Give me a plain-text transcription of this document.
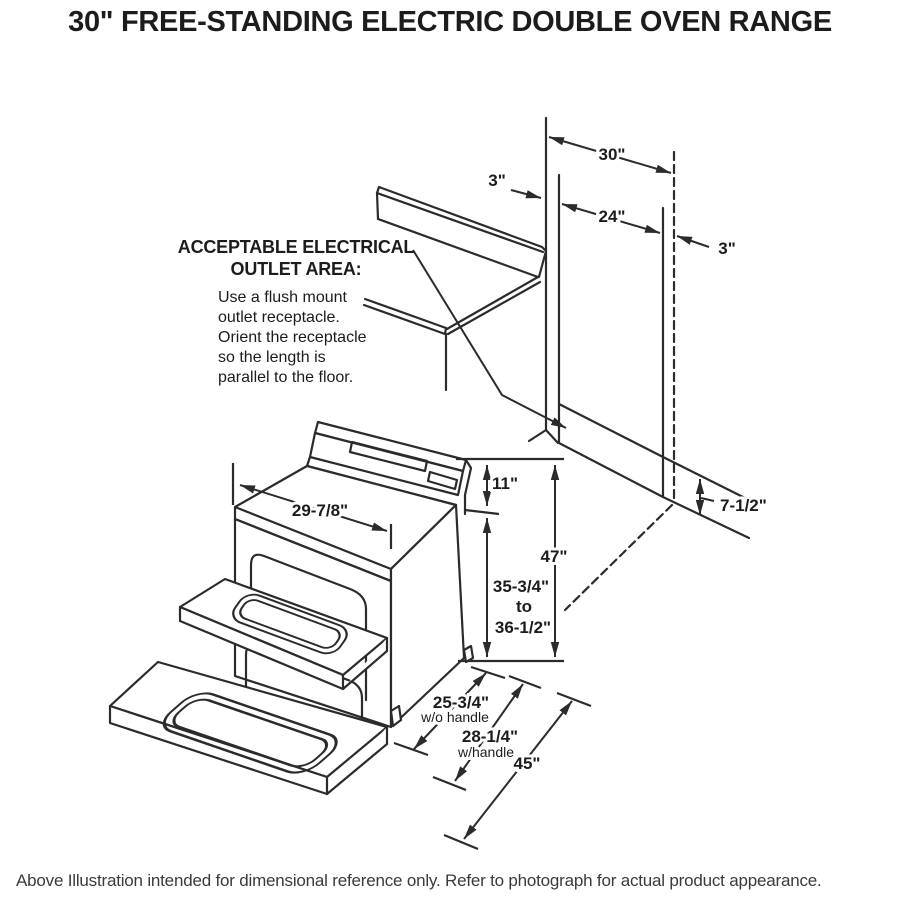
30" FREE-STANDING ELECTRIC DOUBLE OVEN RANGE
30"
3"
24"
3"
7-1/2"
11"
47"
35-3/4"
to
36-1/2"
29-7/8"
25-3/4"
w/o handle
28-1/4"
w/handle
45"
ACCEPTABLE ELECTRICAL
OUTLET AREA:
Use a flush mount
outlet receptacle.
Orient the receptacle
so the length is
parallel to the floor.
Above Illustration intended for dimensional reference only. Refer to photograph for actual product appearance.
